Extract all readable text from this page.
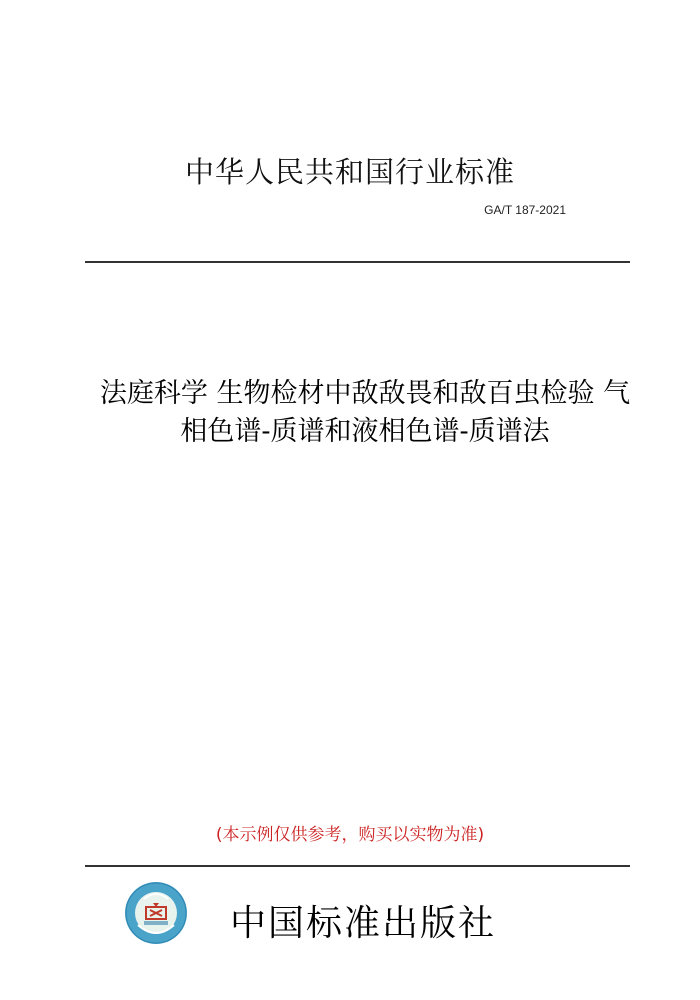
中华人民共和国行业标准
GA/T 187-2021
法庭科学 生物检材中敌敌畏和敌百虫检验 气
相色谱-质谱和液相色谱-质谱法
(本示例仅供参考，购买以实物为准)
中国标准出版社
